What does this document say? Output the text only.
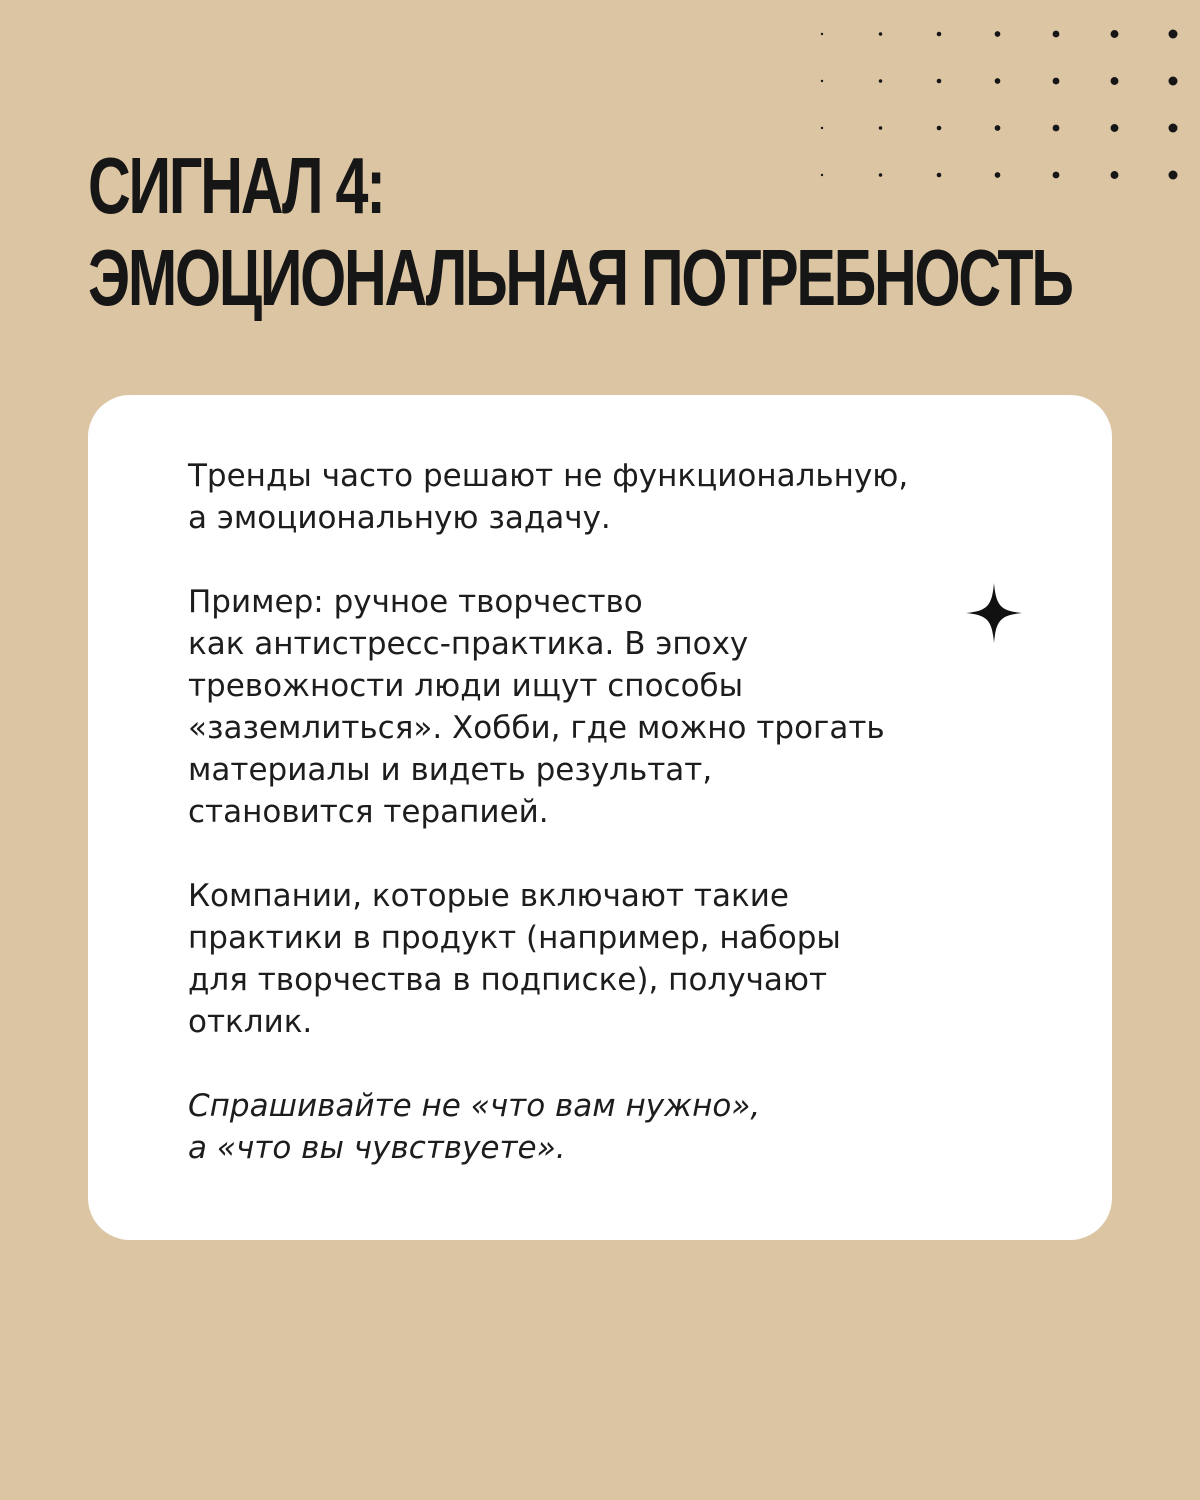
СИГНАЛ 4:
ЭМОЦИОНАЛЬНАЯ ПОТРЕБНОСТЬ

Тренды часто решают не функциональную,
а эмоциональную задачу.

Пример: ручное творчество
как антистресс-практика. В эпоху
тревожности люди ищут способы
«заземлиться». Хобби, где можно трогать
материалы и видеть результат,
становится терапией.

Компании, которые включают такие
практики в продукт (например, наборы
для творчества в подписке), получают
отклик.

Спрашивайте не «что вам нужно»,
а «что вы чувствуете».
